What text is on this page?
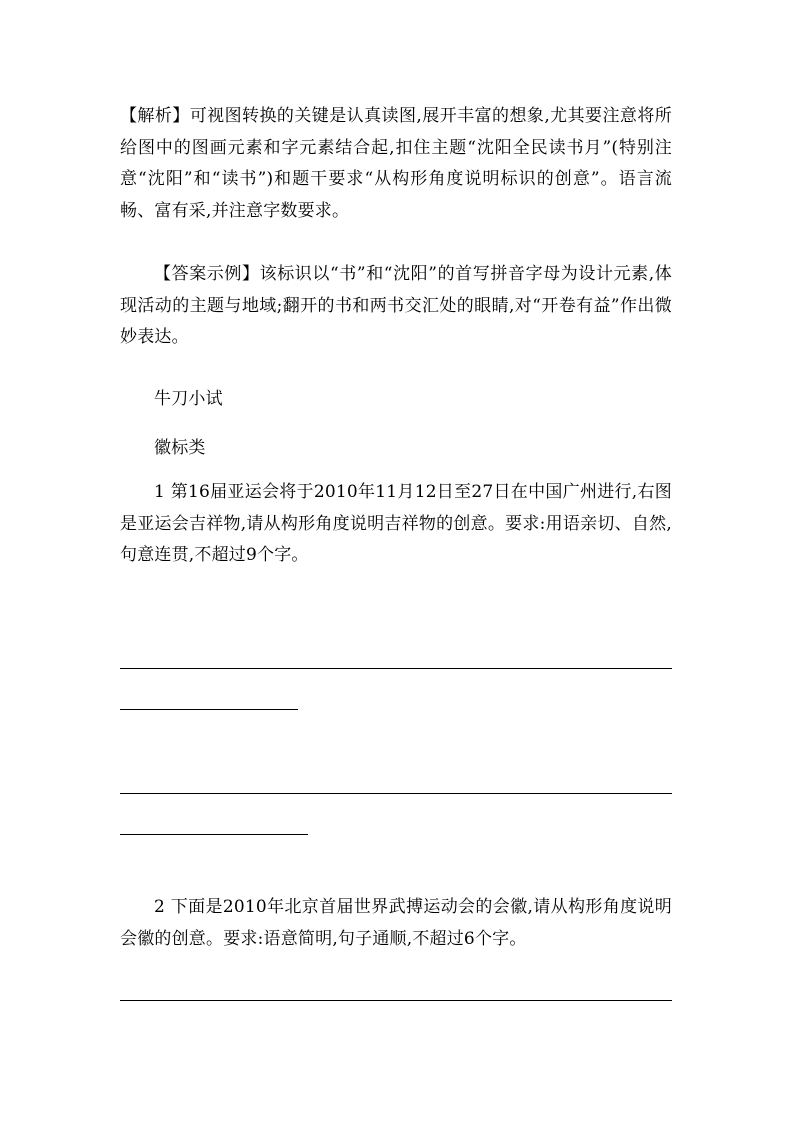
【解析】可视图转换的关键是认真读图,展开丰富的想象,尤其要注意将所给图中的图画元素和字元素结合起,扣住主题“沈阳全民读书月”(特别注意“沈阳”和“读书”)和题干要求“从构形角度说明标识的创意”。语言流畅、富有采,并注意字数要求。

【答案示例】该标识以“书”和“沈阳”的首写拼音字母为设计元素,体现活动的主题与地域;翻开的书和两书交汇处的眼睛,对“开卷有益”作出微妙表达。

牛刀小试

徽标类

1 第16届亚运会将于2010年11月12日至27日在中国广州进行,右图是亚运会吉祥物,请从构形角度说明吉祥物的创意。要求:用语亲切、自然,句意连贯,不超过9个字。

2 下面是2010年北京首届世界武搏运动会的会徽,请从构形角度说明会徽的创意。要求:语意简明,句子通顺,不超过6个字。
